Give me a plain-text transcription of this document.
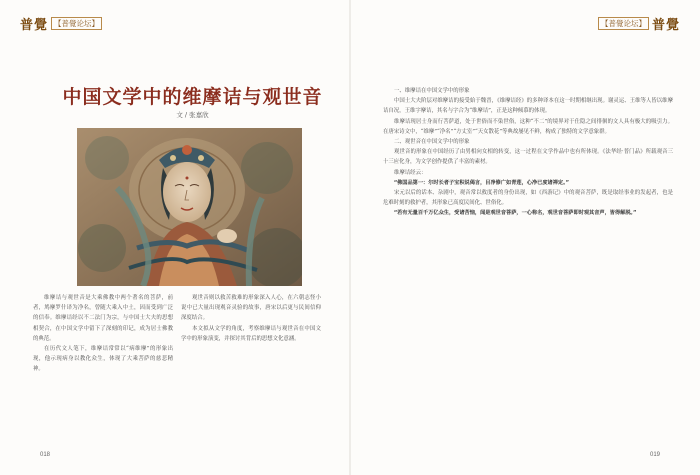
普覺 【普覺论坛】	【普覺论坛】 普覺
中国文学中的维摩诘与观世音
文 / 张嘉欣

维摩诘与观世音是大乘佛教中两个著名的菩萨，前者，鸠摩罗什译为净名，曾随大乘入中土，因而受到广泛的信奉。维摩诘经以不二法门为宗，与中国士大夫的思想相契合，在中国文学中留下了深刻的印记，成为居士佛教的典范。

在历代文人笔下，维摩诘常常以“病维摩”的形象出现，他示现病身以教化众生，体现了大乘菩萨的慈悲精神。

观世音则以救苦救难的形象深入人心，在六朝志怪小说中已大量出现观音灵验的故事，唐宋以后更与民间信仰深度结合。

本文拟从文学的角度，考察维摩诘与观世音在中国文学中的形象演变，并探讨其背后的思想文化意涵。

一、维摩诘在中国文学中的形象

中国士大夫阶层对维摩诘的接受始于魏晋，《维摩诘经》的多种译本在这一时期相继出现。谢灵运、王维等人皆以维摩诘自况，王维字摩诘，其名与字合为“维摩诘”，正是这种倾慕的体现。

维摩诘现居士身而行菩萨道，处于世俗而不染世俗，这种“不二”的境界对于仕隐之间徘徊的文人具有极大的吸引力。在唐宋诗文中，“维摩”“净名”“方丈室”“天女散花”等典故屡见不鲜，构成了独特的文学意象群。

二、观世音在中国文学中的形象

观世音的形象在中国经历了由男相向女相的转变，这一过程在文学作品中也有所体现。《法华经·普门品》所载观音三十三应化身，为文学创作提供了丰富的素材。

维摩诘经云：

“佛国品第一：尔时长者子宝积说偈言，目净修广如青莲，心净已度诸禅定。”

宋元以后的话本、杂剧中，观音常以救度者的身份出现，如《西游记》中的观音菩萨，既是取经事业的发起者，也是危难时刻的救护者，其形象已高度民间化、世俗化。

“若有无量百千万亿众生，受诸苦恼，闻是观世音菩萨，一心称名，观世音菩萨即时观其音声，皆得解脱。”

018	019
